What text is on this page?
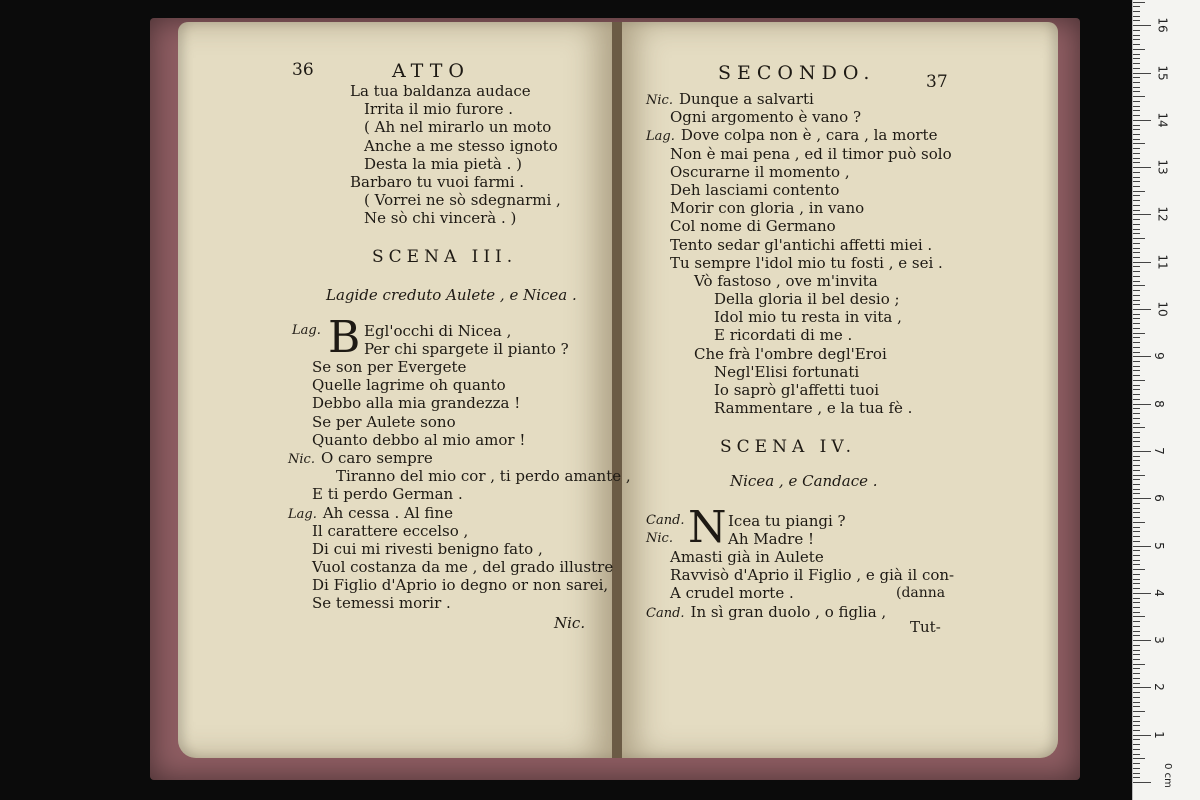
36	ATTO
La tua baldanza audace
Irrita il mio furore .
( Ah nel mirarlo un moto
Anche a me stesso ignoto
Desta la mia pietà . )
Barbaro tu vuoi farmi .
( Vorrei ne sò sdegnarmi ,
Ne sò chi vincerà . )
SCENA III.
Lagide creduto Aulete , e Nicea .
Lag. B Egl'occhi di Nicea ,
Per chi spargete il pianto ?
Se son per Evergete
Quelle lagrime oh quanto
Debbo alla mia grandezza !
Se per Aulete sono
Quanto debbo al mio amor !
Nic. O caro sempre
Tiranno del mio cor , ti perdo amante ,
E ti perdo German .
Lag. Ah cessa . Al fine
Il carattere eccelso ,
Di cui mi rivesti benigno fato ,
Vuol costanza da me , del grado illustre
Di Figlio d'Aprio io degno or non sarei,
Se temessi morir .
Nic.
SECONDO.	37
Nic. Dunque a salvarti
Ogni argomento è vano ?
Lag. Dove colpa non è , cara , la morte
Non è mai pena , ed il timor può solo
Oscurarne il momento ,
Deh lasciami contento
Morir con gloria , in vano
Col nome di Germano
Tento sedar gl'antichi affetti miei .
Tu sempre l'idol mio tu fosti , e sei .
Vò fastoso , ove m'invita
Della gloria il bel desio ;
Idol mio tu resta in vita ,
E ricordati di me .
Che frà l'ombre degl'Eroi
Negl'Elisi fortunati
Io saprò gl'affetti tuoi
Rammentare , e la tua fè .
SCENA IV.
Nicea , e Candace .
Cand.
Nic. N Icea tu piangi ?
Ah Madre !
Amasti già in Aulete
Ravvisò d'Aprio il Figlio , e già il con-
A crudel morte .
Cand. In sì gran duolo , o figlia ,
(danna
Tut-
0 cm
1
2
3
4
5
6
7
8
9
10
11
12
13
14
15
16
